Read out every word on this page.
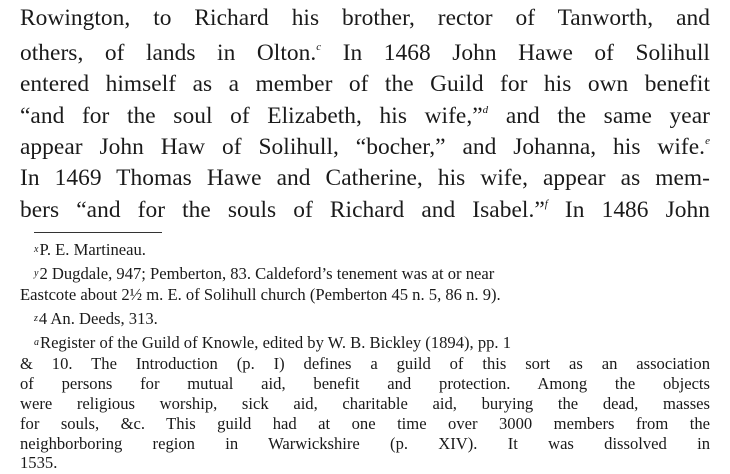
Rowington, to Richard his brother, rector of Tanworth, and
others, of lands in Olton.$^c$ In 1468 John Hawe of Solihull
entered himself as a member of the Guild for his own benefit
“and for the soul of Elizabeth, his wife,”$^d$ and the same year
appear John Haw of Solihull, “bocher,” and Johanna, his wife.$^e$
In 1469 Thomas Hawe and Catherine, his wife, appear as mem-
bers “and for the souls of Richard and Isabel.”$^f$ In 1486 John
xP. E. Martineau.
y2 Dugdale, 947; Pemberton, 83. Caldeford’s tenement was at or near
Eastcote about 2½ m. E. of Solihull church (Pemberton 45 n. 5, 86 n. 9).
z4 An. Deeds, 313.
aRegister of the Guild of Knowle, edited by W. B. Bickley (1894), pp. 1
& 10. The Introduction (p. I) defines a guild of this sort as an association
of persons for mutual aid, benefit and protection. Among the objects
were religious worship, sick aid, charitable aid, burying the dead, masses
for souls, &c. This guild had at one time over 3000 members from the
neighborboring region in Warwickshire (p. XIV). It was dissolved in
1535.
